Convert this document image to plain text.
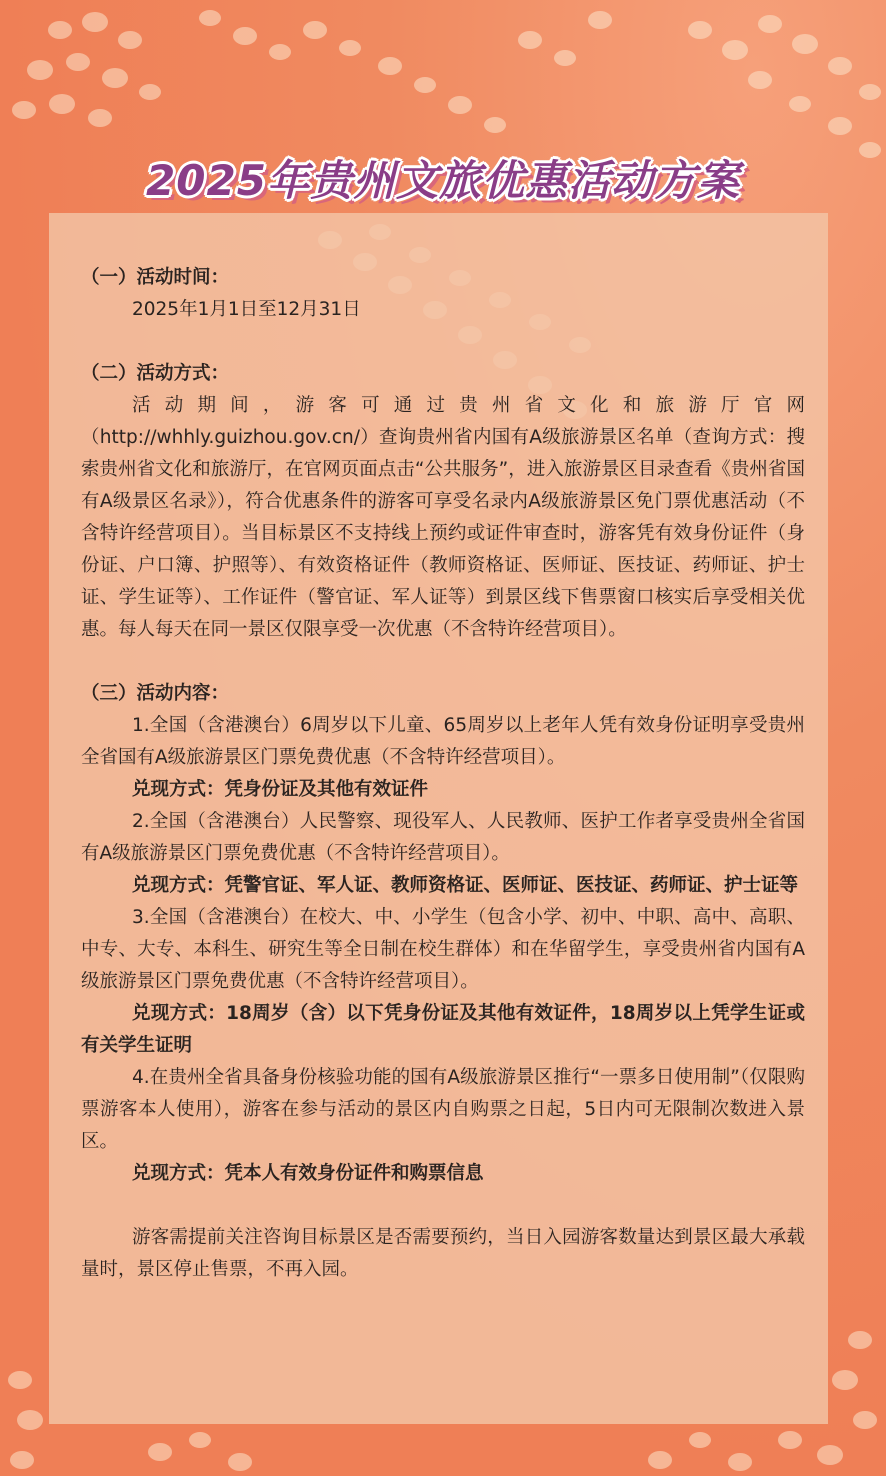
2025年贵州文旅优惠活动方案

（一）活动时间：

2025年1月1日至12月31日

（二）活动方式：

活动期间，游客可通过贵州省文化和旅游厅官网（http://whhly.guizhou.gov.cn/）查询贵州省内国有A级旅游景区名单（查询方式：搜索贵州省文化和旅游厅，在官网页面点击“公共服务”，进入旅游景区目录查看《贵州省国有A级景区名录》），符合优惠条件的游客可享受名录内A级旅游景区免门票优惠活动（不含特许经营项目）。当目标景区不支持线上预约或证件审查时，游客凭有效身份证件（身份证、户口簿、护照等）、有效资格证件（教师资格证、医师证、医技证、药师证、护士证、学生证等）、工作证件（警官证、军人证等）到景区线下售票窗口核实后享受相关优惠。每人每天在同一景区仅限享受一次优惠（不含特许经营项目）。

（三）活动内容：

1.全国（含港澳台）6周岁以下儿童、65周岁以上老年人凭有效身份证明享受贵州全省国有A级旅游景区门票免费优惠（不含特许经营项目）。

兑现方式：凭身份证及其他有效证件

2.全国（含港澳台）人民警察、现役军人、人民教师、医护工作者享受贵州全省国有A级旅游景区门票免费优惠（不含特许经营项目）。

兑现方式：凭警官证、军人证、教师资格证、医师证、医技证、药师证、护士证等

3.全国（含港澳台）在校大、中、小学生（包含小学、初中、中职、高中、高职、中专、大专、本科生、研究生等全日制在校生群体）和在华留学生，享受贵州省内国有A级旅游景区门票免费优惠（不含特许经营项目）。

兑现方式：18周岁（含）以下凭身份证及其他有效证件，18周岁以上凭学生证或有关学生证明

4.在贵州全省具备身份核验功能的国有A级旅游景区推行“一票多日使用制”（仅限购票游客本人使用），游客在参与活动的景区内自购票之日起，5日内可无限制次数进入景区。

兑现方式：凭本人有效身份证件和购票信息

游客需提前关注咨询目标景区是否需要预约，当日入园游客数量达到景区最大承载量时，景区停止售票，不再入园。
